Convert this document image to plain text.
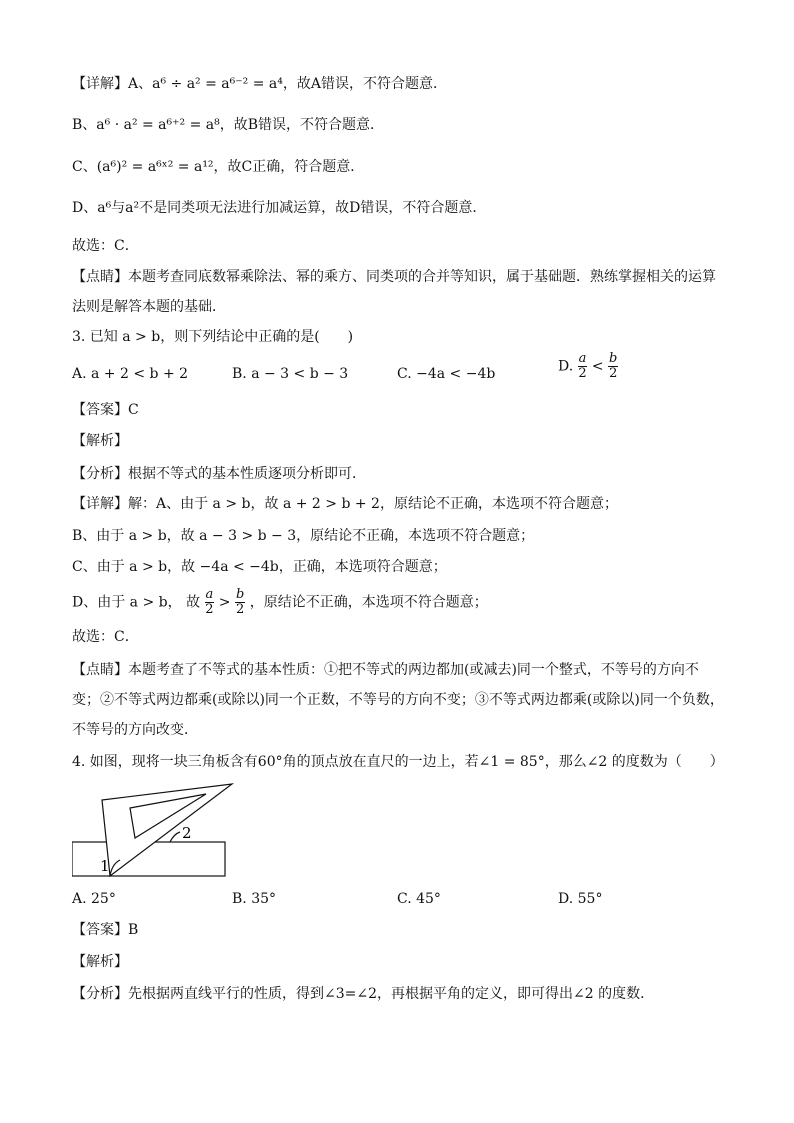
【详解】A、a⁶ ÷ a² = a⁶⁻² = a⁴，故A错误，不符合题意．
B、a⁶ · a² = a⁶⁺² = a⁸，故B错误，不符合题意．
C、(a⁶)² = a⁶ˣ² = a¹²，故C正确，符合题意．
D、a⁶与a²不是同类项无法进行加减运算，故D错误，不符合题意．
故选：C．
【点睛】本题考查同底数幂乘除法、幂的乘方、同类项的合并等知识，属于基础题．熟练掌握相关的运算法则是解答本题的基础．
3. 已知 a > b，则下列结论中正确的是(　　)
A. a + 2 < b + 2	B. a − 3 < b − 3	C. −4a < −4b	D. $\frac{a}{2} < \frac{b}{2}$
【答案】C
【解析】
【分析】根据不等式的基本性质逐项分析即可．
【详解】解：A、由于 a > b，故 a + 2 > b + 2，原结论不正确，本选项不符合题意；
B、由于 a > b，故 a − 3 > b − 3，原结论不正确，本选项不符合题意；
C、由于 a > b，故 −4a < −4b，正确，本选项符合题意；
D、由于 a > b， 故 $\frac{a}{2} > \frac{b}{2}$ ，原结论不正确，本选项不符合题意；
故选：C．
【点睛】本题考查了不等式的基本性质：①把不等式的两边都加(或减去)同一个整式，不等号的方向不变；②不等式两边都乘(或除以)同一个正数，不等号的方向不变；③不等式两边都乘(或除以)同一个负数，不等号的方向改变．
4. 如图，现将一块三角板含有60°角的顶点放在直尺的一边上，若∠1 = 85°，那么∠2 的度数为（　　）
1
2
A. 25°	B. 35°	C. 45°	D. 55°
【答案】B
【解析】
【分析】先根据两直线平行的性质，得到∠3=∠2，再根据平角的定义，即可得出∠2 的度数．
